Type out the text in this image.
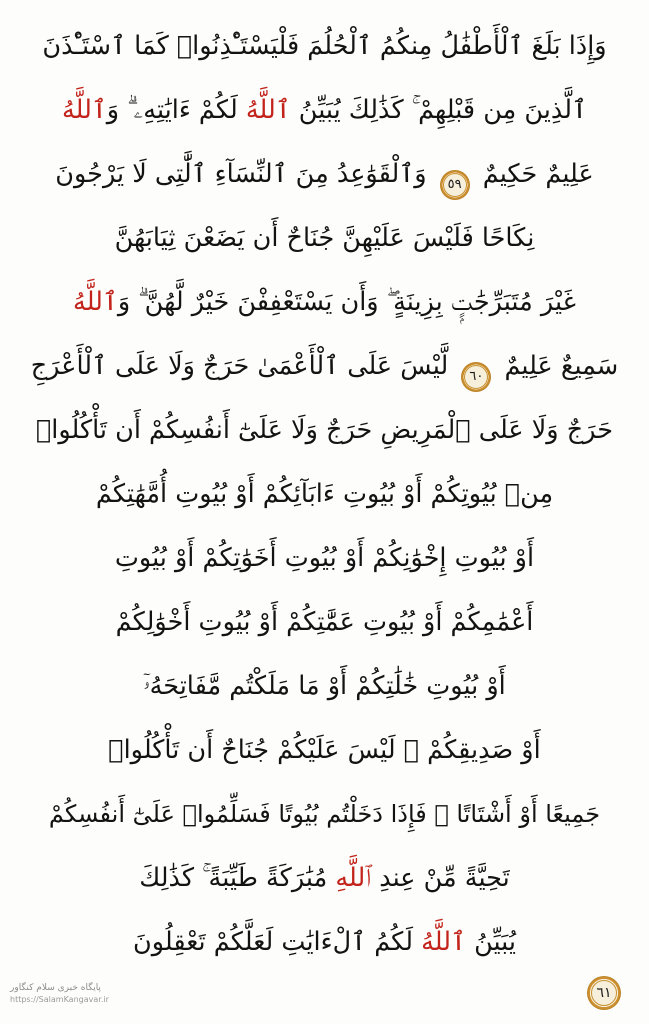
وَإِذَا بَلَغَ ٱلْأَطْفَٰلُ مِنكُمُ ٱلْحُلُمَ فَلْيَسْتَـْٔذِنُوا۟ كَمَا ٱسْتَـْٔذَنَ
ٱلَّذِينَ مِن قَبْلِهِمْ ۚ كَذَٰلِكَ يُبَيِّنُ ٱللَّهُ لَكُمْ ءَايَٰتِهِۦ ۗ وَٱللَّهُ
عَلِيمٌ حَكِيمٌ ٥٩ وَٱلْقَوَٰعِدُ مِنَ ٱلنِّسَآءِ ٱلَّٰتِى لَا يَرْجُونَ
نِكَاحًا فَلَيْسَ عَلَيْهِنَّ جُنَاحٌ أَن يَضَعْنَ ثِيَابَهُنَّ
غَيْرَ مُتَبَرِّجَٰتٍۭ بِزِينَةٍ ۖ وَأَن يَسْتَعْفِفْنَ خَيْرٌ لَّهُنَّ ۗ وَٱللَّهُ
سَمِيعٌ عَلِيمٌ ٦٠ لَّيْسَ عَلَى ٱلْأَعْمَىٰ حَرَجٌ وَلَا عَلَى ٱلْأَعْرَجِ
حَرَجٌ وَلَا عَلَى ٱلْمَرِيضِ حَرَجٌ وَلَا عَلَىٰٓ أَنفُسِكُمْ أَن تَأْكُلُوا۟
مِنۢ بُيُوتِكُمْ أَوْ بُيُوتِ ءَابَآئِكُمْ أَوْ بُيُوتِ أُمَّهَٰتِكُمْ
أَوْ بُيُوتِ إِخْوَٰنِكُمْ أَوْ بُيُوتِ أَخَوَٰتِكُمْ أَوْ بُيُوتِ
أَعْمَٰمِكُمْ أَوْ بُيُوتِ عَمَّٰتِكُمْ أَوْ بُيُوتِ أَخْوَٰلِكُمْ
أَوْ بُيُوتِ خَٰلَٰتِكُمْ أَوْ مَا مَلَكْتُم مَّفَاتِحَهُۥٓ
أَوْ صَدِيقِكُمْ ۚ لَيْسَ عَلَيْكُمْ جُنَاحٌ أَن تَأْكُلُوا۟
جَمِيعًا أَوْ أَشْتَاتًا ۚ فَإِذَا دَخَلْتُم بُيُوتًا فَسَلِّمُوا۟ عَلَىٰٓ أَنفُسِكُمْ
تَحِيَّةً مِّنْ عِندِ ٱللَّهِ مُبَٰرَكَةً طَيِّبَةً ۚ كَذَٰلِكَ
يُبَيِّنُ ٱللَّهُ لَكُمُ ٱلْءَايَٰتِ لَعَلَّكُمْ تَعْقِلُونَ
٦١
پایگاه خبری سلام کنگاور
https://SalamKangavar.ir
